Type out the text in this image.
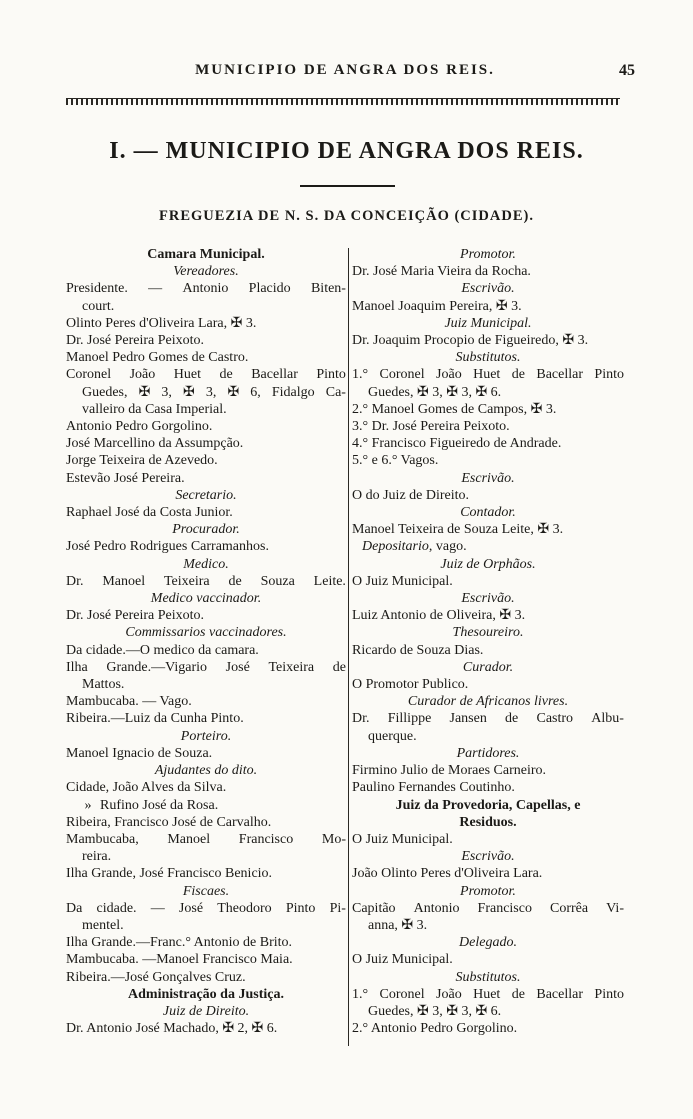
MUNICIPIO DE ANGRA DOS REIS.	45
I. — MUNICIPIO DE ANGRA DOS REIS.
FREGUEZIA DE N. S. DA CONCEIÇÃO (CIDADE).
Camara Municipal.
Vereadores.
Presidente. — Antonio Placido Biten-
court.
Olinto Peres d'Oliveira Lara, ✠ 3.
Dr. José Pereira Peixoto.
Manoel Pedro Gomes de Castro.
Coronel João Huet de Bacellar Pinto
Guedes, ✠ 3, ✠ 3, ✠ 6, Fidalgo Ca-
valleiro da Casa Imperial.
Antonio Pedro Gorgolino.
José Marcellino da Assumpção.
Jorge Teixeira de Azevedo.
Estevão José Pereira.
Secretario.
Raphael José da Costa Junior.
Procurador.
José Pedro Rodrigues Carramanhos.
Medico.
Dr. Manoel Teixeira de Souza Leite.
Medico vaccinador.
Dr. José Pereira Peixoto.
Commissarios vaccinadores.
Da cidade.—O medico da camara.
Ilha Grande.—Vigario José Teixeira de
Mattos.
Mambucaba. — Vago.
Ribeira.—Luiz da Cunha Pinto.
Porteiro.
Manoel Ignacio de Souza.
Ajudantes do dito.
Cidade, João Alves da Silva.
» Rufino José da Rosa.
Ribeira, Francisco José de Carvalho.
Mambucaba, Manoel Francisco Mo-
reira.
Ilha Grande, José Francisco Benicio.
Fiscaes.
Da cidade. — José Theodoro Pinto Pi-
mentel.
Ilha Grande.—Franc.° Antonio de Brito.
Mambucaba. —Manoel Francisco Maia.
Ribeira.—José Gonçalves Cruz.
Administração da Justiça.
Juiz de Direito.
Dr. Antonio José Machado, ✠ 2, ✠ 6.
Promotor.
Dr. José Maria Vieira da Rocha.
Escrivão.
Manoel Joaquim Pereira, ✠ 3.
Juiz Municipal.
Dr. Joaquim Procopio de Figueiredo, ✠ 3.
Substitutos.
1.° Coronel João Huet de Bacellar Pinto
Guedes, ✠ 3, ✠ 3, ✠ 6.
2.° Manoel Gomes de Campos, ✠ 3.
3.° Dr. José Pereira Peixoto.
4.° Francisco Figueiredo de Andrade.
5.° e 6.° Vagos.
Escrivão.
O do Juiz de Direito.
Contador.
Manoel Teixeira de Souza Leite, ✠ 3.
Depositario, vago.
Juiz de Orphãos.
O Juiz Municipal.
Escrivão.
Luiz Antonio de Oliveira, ✠ 3.
Thesoureiro.
Ricardo de Souza Dias.
Curador.
O Promotor Publico.
Curador de Africanos livres.
Dr. Fillippe Jansen de Castro Albu-
querque.
Partidores.
Firmino Julio de Moraes Carneiro.
Paulino Fernandes Coutinho.
Juiz da Provedoria, Capellas, e
Residuos.
O Juiz Municipal.
Escrivão.
João Olinto Peres d'Oliveira Lara.
Promotor.
Capitão Antonio Francisco Corrêa Vi-
anna, ✠ 3.
Delegado.
O Juiz Municipal.
Substitutos.
1.° Coronel João Huet de Bacellar Pinto
Guedes, ✠ 3, ✠ 3, ✠ 6.
2.° Antonio Pedro Gorgolino.
